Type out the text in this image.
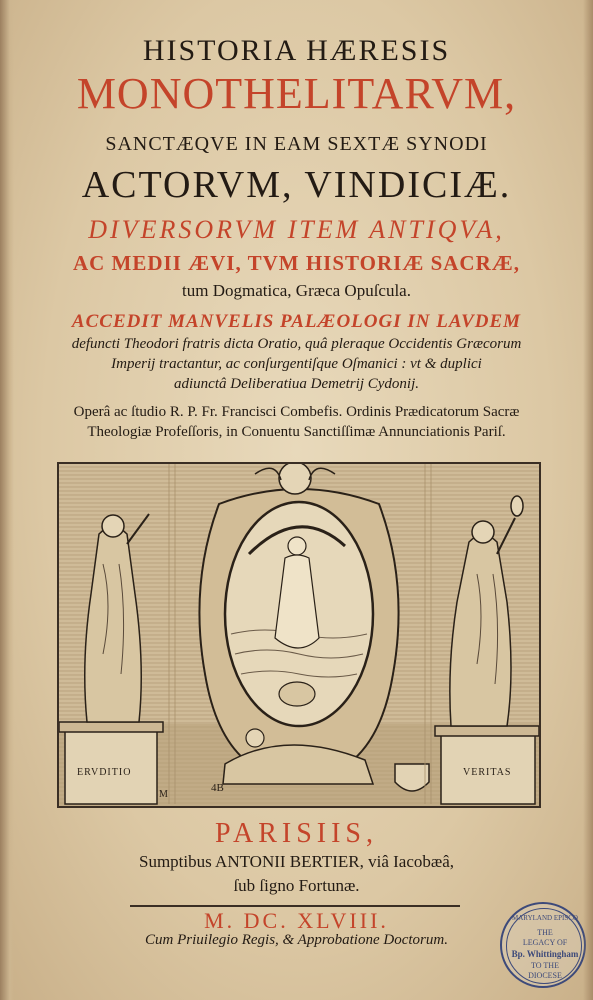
HISTORIA HÆRESIS
MONOTHELITARVM,
SANCTÆQVE IN EAM SEXTÆ SYNODI
ACTORVM, VINDICIÆ.
DIVERSORVM ITEM ANTIQVA,
AC MEDII ÆVI, TVM HISTORIÆ SACRÆ,
tum Dogmatica, Græca Opuſcula.
ACCEDIT MANVELIS PALÆOLOGI IN LAVDEM
defuncti Theodori fratris dicta Oratio, quâ pleraque Occidentis Græcorum
Imperij tractantur, ac conſurgentiſque Oſmanici : vt & duplici
adiunctâ Deliberatiua Demetrij Cydonij.
Operâ ac ſtudio R. P. Fr. Francisci Combefis. Ordinis Prædicatorum Sacræ
Theologiæ Profeſſoris, in Conuentu Sanctiſſimæ Annunciationis Pariſ.
ERVDITIO	VERITAS
M
4B
PARISIIS,
Sumptibus ANTONII BERTIER, viâ Iacobæâ,
ſub ſigno Fortunæ.
M. DC. XLVIII.
Cum Priuilegio Regis, & Approbatione Doctorum.
MARYLAND EPISCO
THE
LEGACY OF
Bp. Whittingham
TO THE
DIOCESE
